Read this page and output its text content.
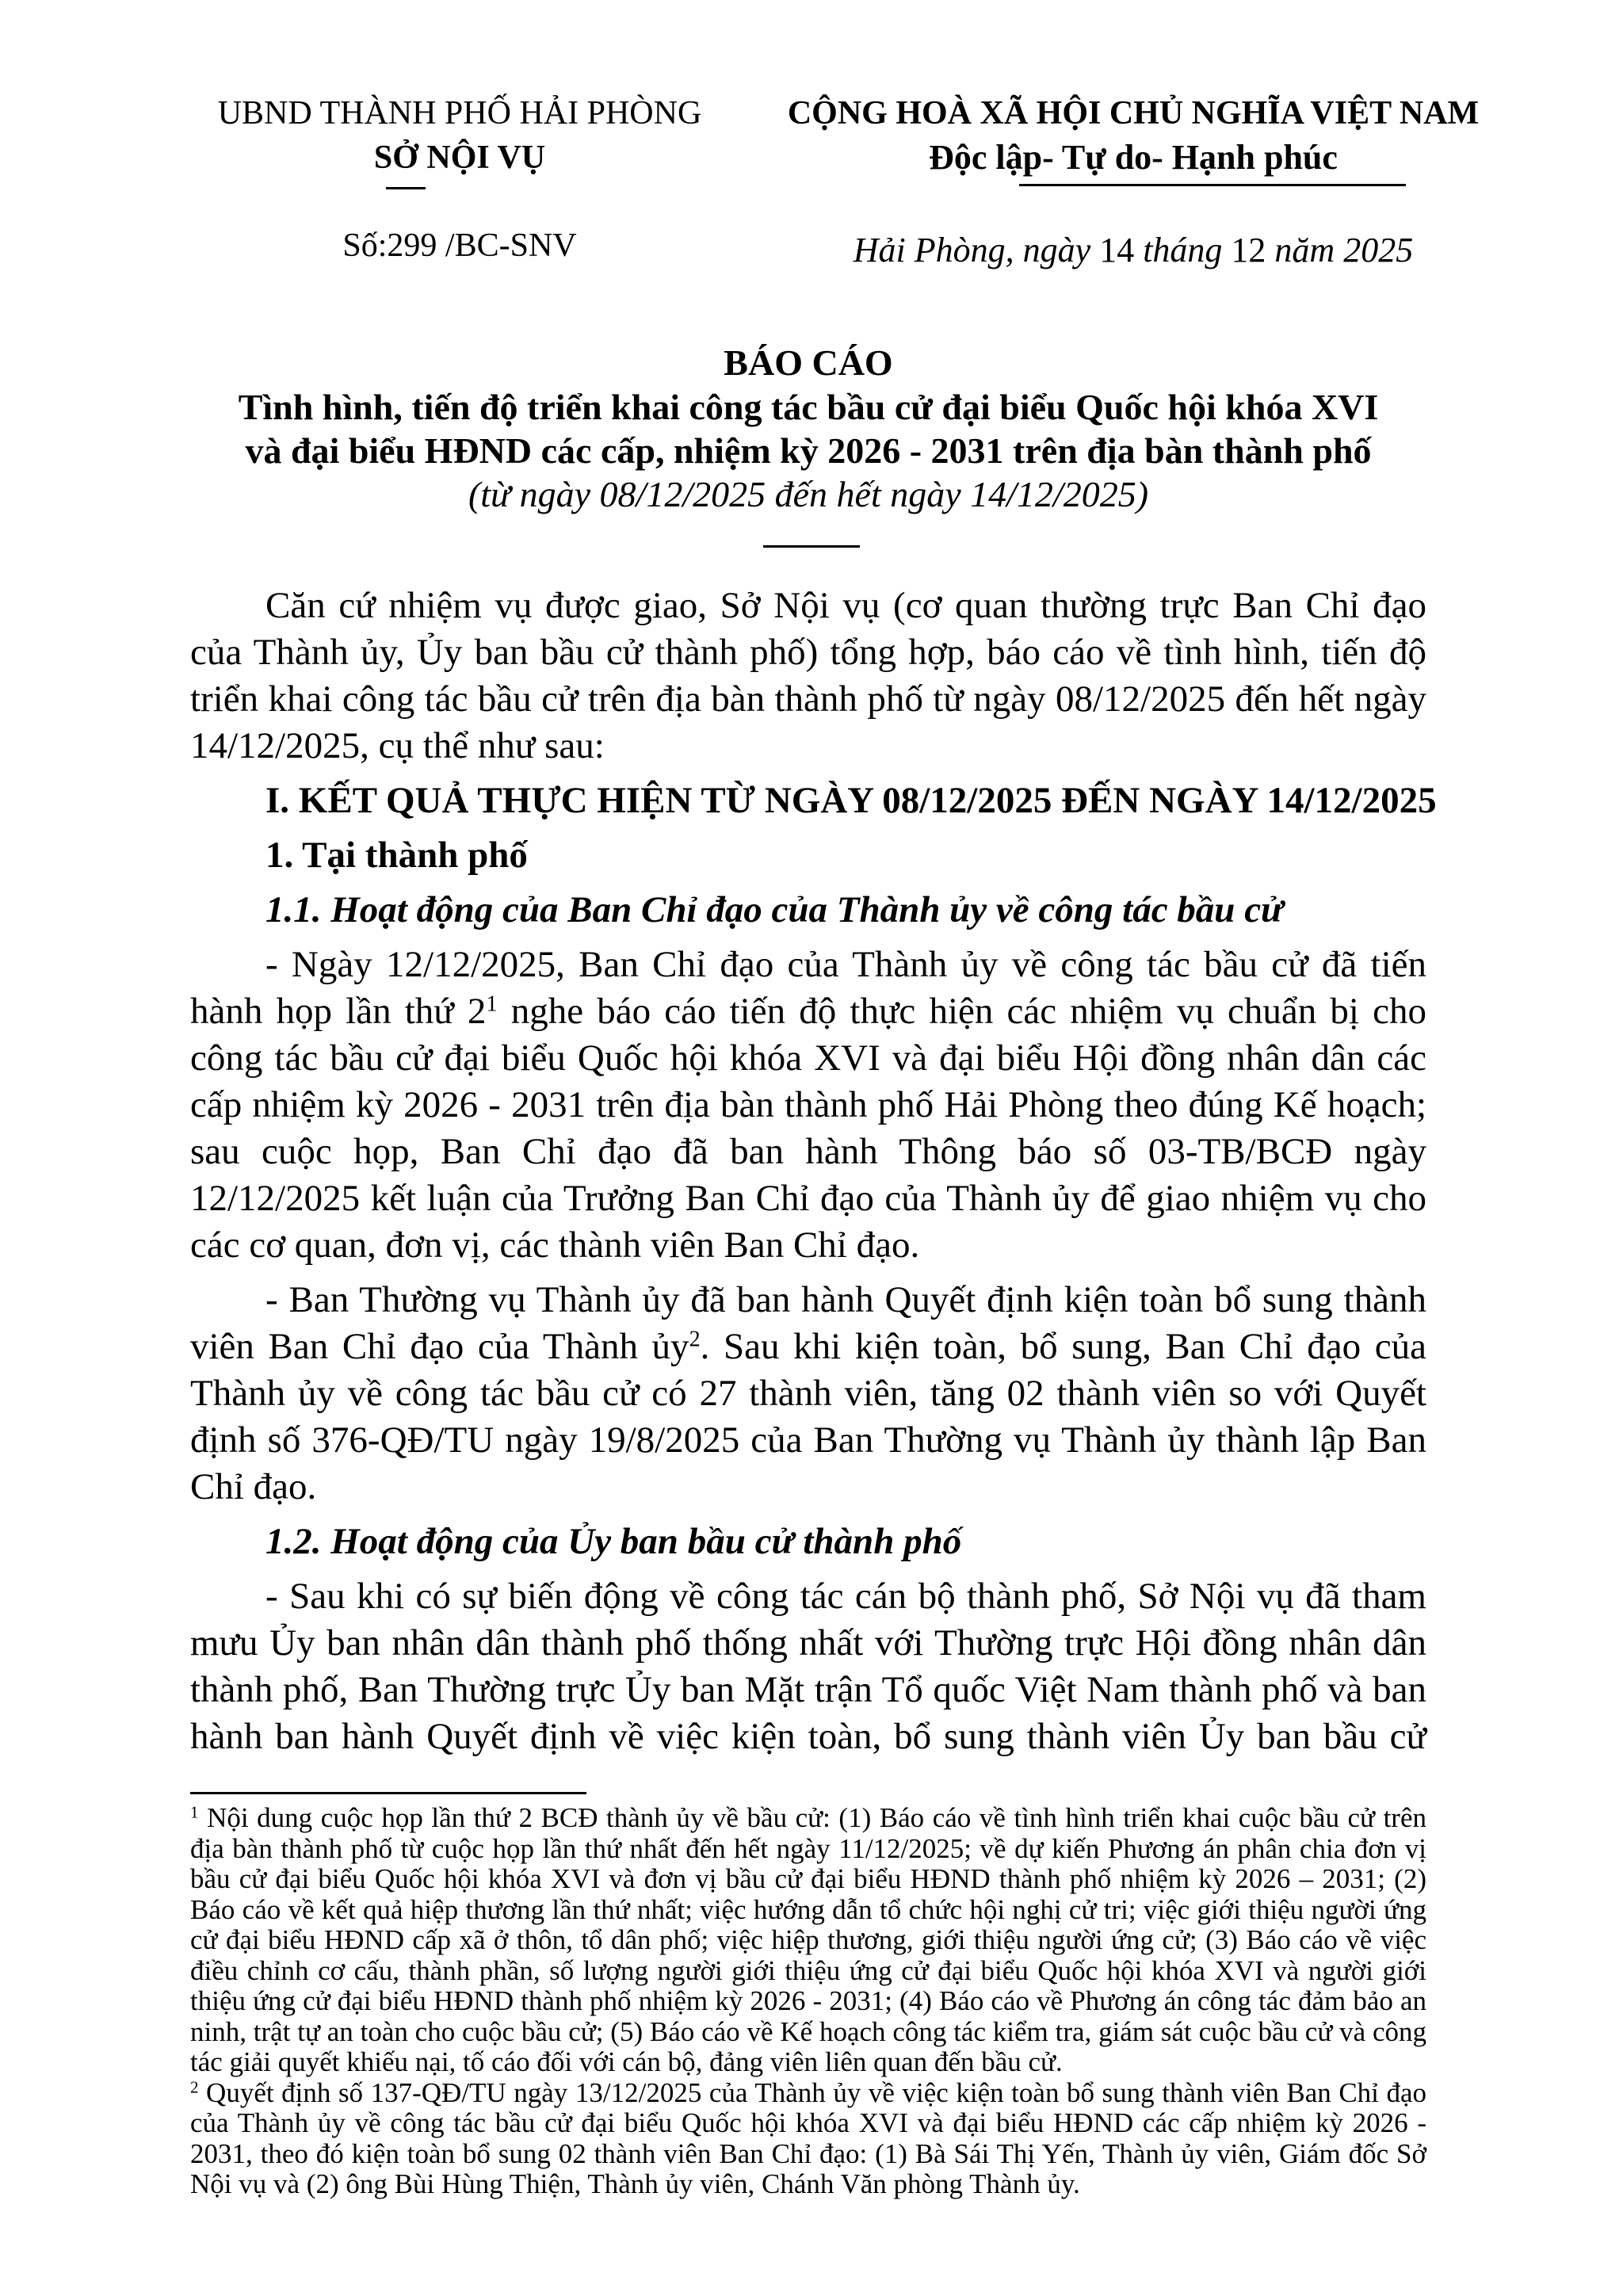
UBND THÀNH PHỐ HẢI PHÒNG
SỞ NỘI VỤ
CỘNG HOÀ XÃ HỘI CHỦ NGHĨA VIỆT NAM
Độc lập- Tự do- Hạnh phúc
Số:299 /BC-SNV	Hải Phòng, ngày 14 tháng 12 năm 2025
BÁO CÁO
Tình hình, tiến độ triển khai công tác bầu cử đại biểu Quốc hội khóa XVI
và đại biểu HĐND các cấp, nhiệm kỳ 2026 - 2031 trên địa bàn thành phố
(từ ngày 08/12/2025 đến hết ngày 14/12/2025)

Căn cứ nhiệm vụ được giao, Sở Nội vụ (cơ quan thường trực Ban Chỉ đạo của Thành ủy, Ủy ban bầu cử thành phố) tổng hợp, báo cáo về tình hình, tiến độ triển khai công tác bầu cử trên địa bàn thành phố từ ngày 08/12/2025 đến hết ngày 14/12/2025, cụ thể như sau:

I. KẾT QUẢ THỰC HIỆN TỪ NGÀY 08/12/2025 ĐẾN NGÀY 14/12/2025

1. Tại thành phố

1.1. Hoạt động của Ban Chỉ đạo của Thành ủy về công tác bầu cử

- Ngày 12/12/2025, Ban Chỉ đạo của Thành ủy về công tác bầu cử đã tiến hành họp lần thứ $2^1$ nghe báo cáo tiến độ thực hiện các nhiệm vụ chuẩn bị cho công tác bầu cử đại biểu Quốc hội khóa XVI và đại biểu Hội đồng nhân dân các cấp nhiệm kỳ 2026 - 2031 trên địa bàn thành phố Hải Phòng theo đúng Kế hoạch; sau cuộc họp, Ban Chỉ đạo đã ban hành Thông báo số 03-TB/BCĐ ngày 12/12/2025 kết luận của Trưởng Ban Chỉ đạo của Thành ủy để giao nhiệm vụ cho các cơ quan, đơn vị, các thành viên Ban Chỉ đạo.

- Ban Thường vụ Thành ủy đã ban hành Quyết định kiện toàn bổ sung thành viên Ban Chỉ đạo của Thành ủy$^2$. Sau khi kiện toàn, bổ sung, Ban Chỉ đạo của Thành ủy về công tác bầu cử có 27 thành viên, tăng 02 thành viên so với Quyết định số 376-QĐ/TU ngày 19/8/2025 của Ban Thường vụ Thành ủy thành lập Ban Chỉ đạo.

1.2. Hoạt động của Ủy ban bầu cử thành phố

- Sau khi có sự biến động về công tác cán bộ thành phố, Sở Nội vụ đã tham mưu Ủy ban nhân dân thành phố thống nhất với Thường trực Hội đồng nhân dân thành phố, Ban Thường trực Ủy ban Mặt trận Tổ quốc Việt Nam thành phố và ban hành ban hành Quyết định về việc kiện toàn, bổ sung thành viên Ủy ban bầu cử

$^1$ Nội dung cuộc họp lần thứ 2 BCĐ thành ủy về bầu cử: (1) Báo cáo về tình hình triển khai cuộc bầu cử trên địa bàn thành phố từ cuộc họp lần thứ nhất đến hết ngày 11/12/2025; về dự kiến Phương án phân chia đơn vị bầu cử đại biểu Quốc hội khóa XVI và đơn vị bầu cử đại biểu HĐND thành phố nhiệm kỳ 2026 – 2031; (2) Báo cáo về kết quả hiệp thương lần thứ nhất; việc hướng dẫn tổ chức hội nghị cử tri; việc giới thiệu người ứng cử đại biểu HĐND cấp xã ở thôn, tổ dân phố; việc hiệp thương, giới thiệu người ứng cử; (3) Báo cáo về việc điều chỉnh cơ cấu, thành phần, số lượng người giới thiệu ứng cử đại biểu Quốc hội khóa XVI và người giới thiệu ứng cử đại biểu HĐND thành phố nhiệm kỳ 2026 - 2031; (4) Báo cáo về Phương án công tác đảm bảo an ninh, trật tự an toàn cho cuộc bầu cử; (5) Báo cáo về Kế hoạch công tác kiểm tra, giám sát cuộc bầu cử và công tác giải quyết khiếu nại, tố cáo đối với cán bộ, đảng viên liên quan đến bầu cử.

$^2$ Quyết định số 137-QĐ/TU ngày 13/12/2025 của Thành ủy về việc kiện toàn bổ sung thành viên Ban Chỉ đạo của Thành ủy về công tác bầu cử đại biểu Quốc hội khóa XVI và đại biểu HĐND các cấp nhiệm kỳ 2026 - 2031, theo đó kiện toàn bổ sung 02 thành viên Ban Chỉ đạo: (1) Bà Sái Thị Yến, Thành ủy viên, Giám đốc Sở Nội vụ và (2) ông Bùi Hùng Thiện, Thành ủy viên, Chánh Văn phòng Thành ủy.
